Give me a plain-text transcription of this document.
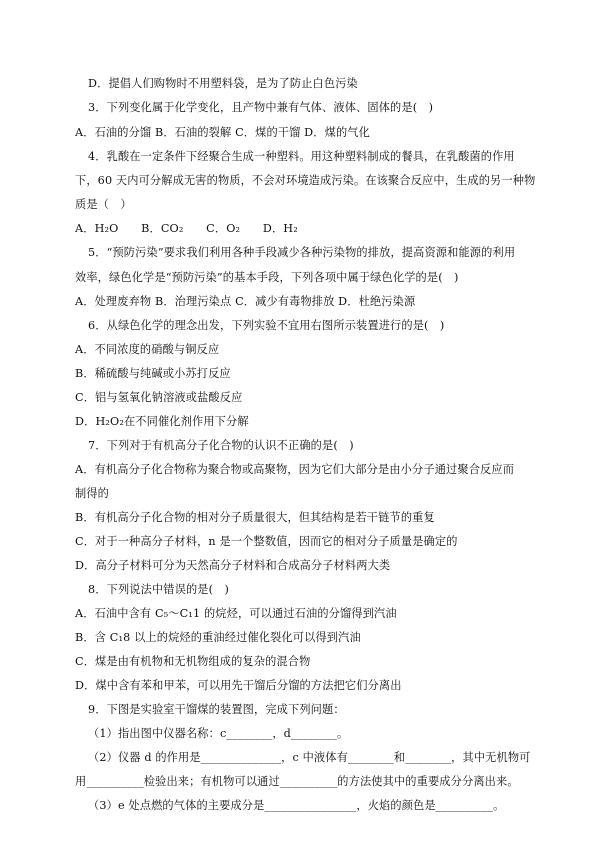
D．提倡人们购物时不用塑料袋，是为了防止白色污染
3．下列变化属于化学变化，且产物中兼有气体、液体、固体的是(　)
A．石油的分馏 B．石油的裂解 C．煤的干馏 D．煤的气化
4．乳酸在一定条件下经聚合生成一种塑料。用这种塑料制成的餐具，在乳酸菌的作用
下，60 天内可分解成无害的物质，不会对环境造成污染。在该聚合反应中，生成的另一种物
质是（　）
A．H₂O　　B．CO₂　　C．O₂　　D．H₂
5．“预防污染”要求我们利用各种手段减少各种污染物的排放，提高资源和能源的利用
效率，绿色化学是“预防污染”的基本手段，下列各项中属于绿色化学的是(　)
A．处理废弃物 B．治理污染点 C．减少有毒物排放 D．杜绝污染源
6．从绿色化学的理念出发，下列实验不宜用右图所示装置进行的是(　)
A．不同浓度的硝酸与铜反应
B．稀硫酸与纯碱或小苏打反应
C．铝与氢氧化钠溶液或盐酸反应
D．H₂O₂在不同催化剂作用下分解
7．下列对于有机高分子化合物的认识不正确的是(　)
A．有机高分子化合物称为聚合物或高聚物，因为它们大部分是由小分子通过聚合反应而
制得的
B．有机高分子化合物的相对分子质量很大，但其结构是若干链节的重复
C．对于一种高分子材料，n 是一个整数值，因而它的相对分子质量是确定的
D．高分子材料可分为天然高分子材料和合成高分子材料两大类
8．下列说法中错误的是(　)
A．石油中含有 C₅～C₁1 的烷烃，可以通过石油的分馏得到汽油
B．含 C₁8 以上的烷烃的重油经过催化裂化可以得到汽油
C．煤是由有机物和无机物组成的复杂的混合物
D．煤中含有苯和甲苯，可以用先干馏后分馏的方法把它们分离出
9．下图是实验室干馏煤的装置图，完成下列问题：
（1）指出图中仪器名称：c________，d________。
（2）仪器 d 的作用是______________，c 中液体有________和________，其中无机物可
用__________检验出来；有机物可以通过__________的方法使其中的重要成分分离出来。
（3）e 处点燃的气体的主要成分是________________，火焰的颜色是__________。
